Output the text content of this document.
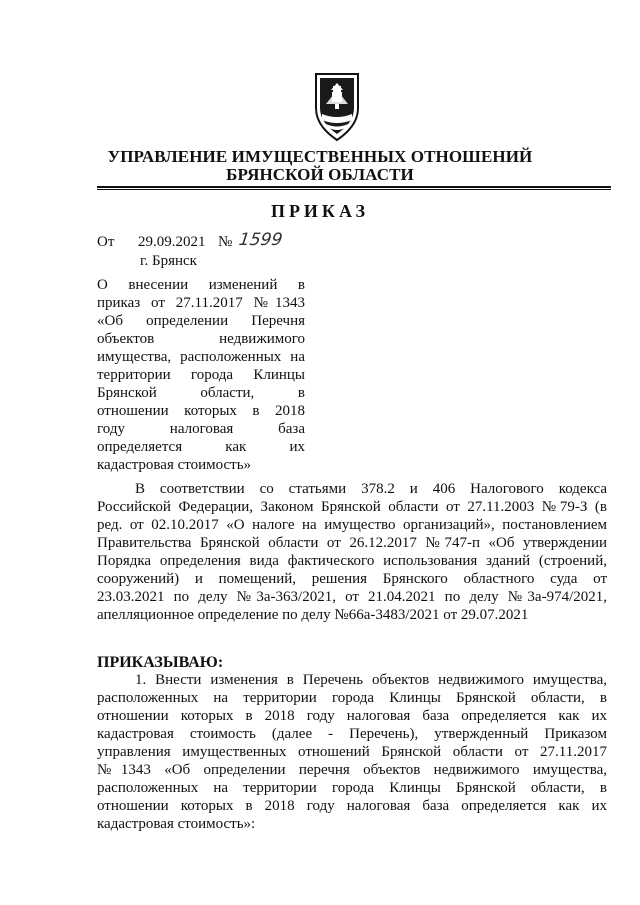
УПРАВЛЕНИЕ ИМУЩЕСТВЕННЫХ ОТНОШЕНИЙ
БРЯНСКОЙ ОБЛАСТИ
ПРИКАЗ
От 29.09.2021 № 1599
г. Брянск
О внесении изменений в
приказ от 27.11.2017 №1343
«Об определении Перечня
объектов недвижимого
имущества, расположенных на
территории города Клинцы
Брянской области, в
отношении которых в 2018
году налоговая база
определяется как их
кадастровая стоимость»
В соответствии со статьями 378.2 и 406 Налогового кодекса
Российской Федерации, Законом Брянской области от 27.11.2003 №79-З (в
ред. от 02.10.2017 «О налоге на имущество организаций», постановлением
Правительства Брянской области от 26.12.2017 №747-п «Об утверждении
Порядка определения вида фактического использования зданий (строений,
сооружений) и помещений, решения Брянского областного суда от
23.03.2021 по делу №3а-363/2021, от 21.04.2021 по делу №3а-974/2021,
апелляционное определение по делу №66а-3483/2021 от 29.07.2021
ПРИКАЗЫВАЮ:
1. Внести изменения в Перечень объектов недвижимого имущества,
расположенных на территории города Клинцы Брянской области, в
отношении которых в 2018 году налоговая база определяется как их
кадастровая стоимость (далее - Перечень), утвержденный Приказом
управления имущественных отношений Брянской области от 27.11.2017
№1343 «Об определении перечня объектов недвижимого имущества,
расположенных на территории города Клинцы Брянской области, в
отношении которых в 2018 году налоговая база определяется как их
кадастровая стоимость»:
